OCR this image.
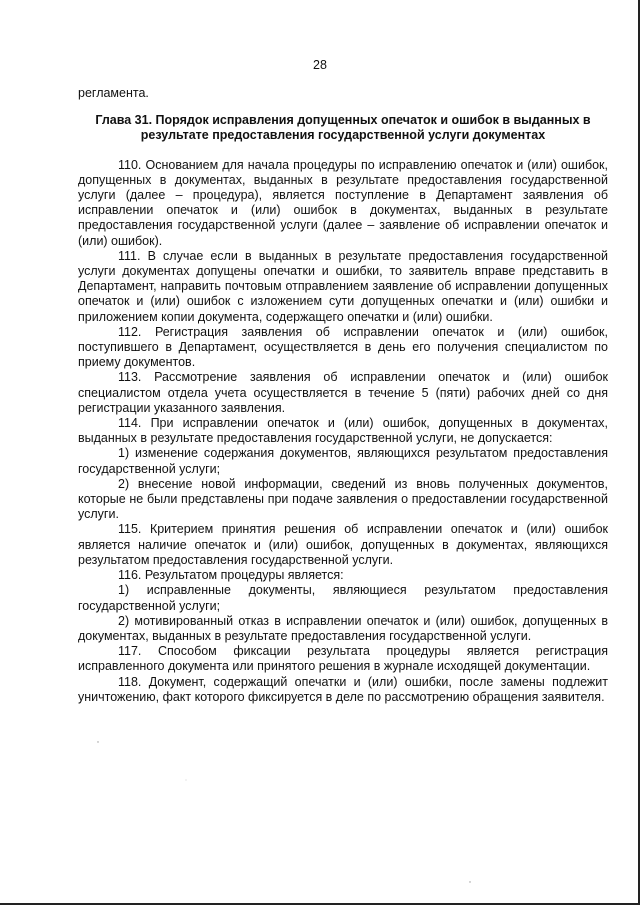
28

регламента.

Глава 31. Порядок исправления допущенных опечаток и ошибок в выданных в результате предоставления государственной услуги документах

110. Основанием для начала процедуры по исправлению опечаток и (или) ошибок, допущенных в документах, выданных в результате предоставления государственной услуги (далее – процедура), является поступление в Департамент заявления об исправлении опечаток и (или) ошибок в документах, выданных в результате предоставления государственной услуги (далее – заявление об исправлении опечаток и (или) ошибок).

111. В случае если в выданных в результате предоставления государственной услуги документах допущены опечатки и ошибки, то заявитель вправе представить в Департамент, направить почтовым отправлением заявление об исправлении допущенных опечаток и (или) ошибок с изложением сути допущенных опечатки и (или) ошибки и приложением копии документа, содержащего опечатки и (или) ошибки.

112. Регистрация заявления об исправлении опечаток и (или) ошибок, поступившего в Департамент, осуществляется в день его получения специалистом по приему документов.

113. Рассмотрение заявления об исправлении опечаток и (или) ошибок специалистом отдела учета осуществляется в течение 5 (пяти) рабочих дней со дня регистрации указанного заявления.

114. При исправлении опечаток и (или) ошибок, допущенных в документах, выданных в результате предоставления государственной услуги, не допускается:

1) изменение содержания документов, являющихся результатом предоставления государственной услуги;

2) внесение новой информации, сведений из вновь полученных документов, которые не были представлены при подаче заявления о предоставлении государственной услуги.

115. Критерием принятия решения об исправлении опечаток и (или) ошибок является наличие опечаток и (или) ошибок, допущенных в документах, являющихся результатом предоставления государственной услуги.

116. Результатом процедуры является:

1) исправленные документы, являющиеся результатом предоставления государственной услуги;

2) мотивированный отказ в исправлении опечаток и (или) ошибок, допущенных в документах, выданных в результате предоставления государственной услуги.

117. Способом фиксации результата процедуры является регистрация исправленного документа или принятого решения в журнале исходящей документации.

118. Документ, содержащий опечатки и (или) ошибки, после замены подлежит уничтожению, факт которого фиксируется в деле по рассмотрению обращения заявителя.
